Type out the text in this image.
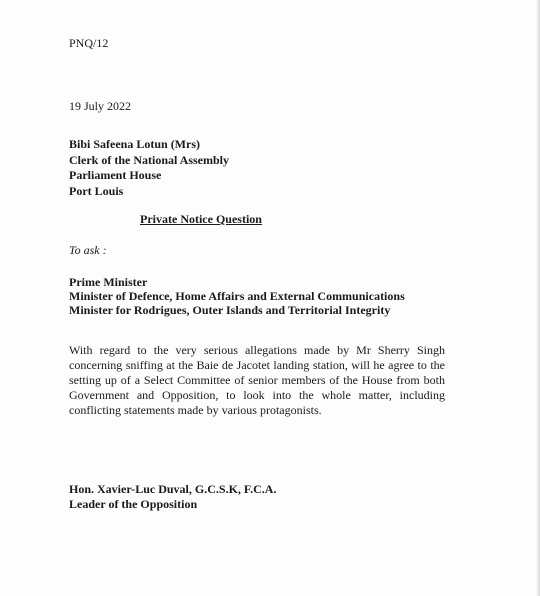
PNQ/12
19 July 2022
Bibi Safeena Lotun (Mrs)
Clerk of the National Assembly
Parliament House
Port Louis
Private Notice Question
To ask :
Prime Minister
Minister of Defence, Home Affairs and External Communications
Minister for Rodrigues, Outer Islands and Territorial Integrity
With regard to the very serious allegations made by Mr Sherry Singh concerning sniffing at the Baie de Jacotet landing station, will he agree to the setting up of a Select Committee of senior members of the House from both Government and Opposition, to look into the whole matter, including conflicting statements made by various protagonists.
Hon. Xavier-Luc Duval, G.C.S.K, F.C.A.
Leader of the Opposition
